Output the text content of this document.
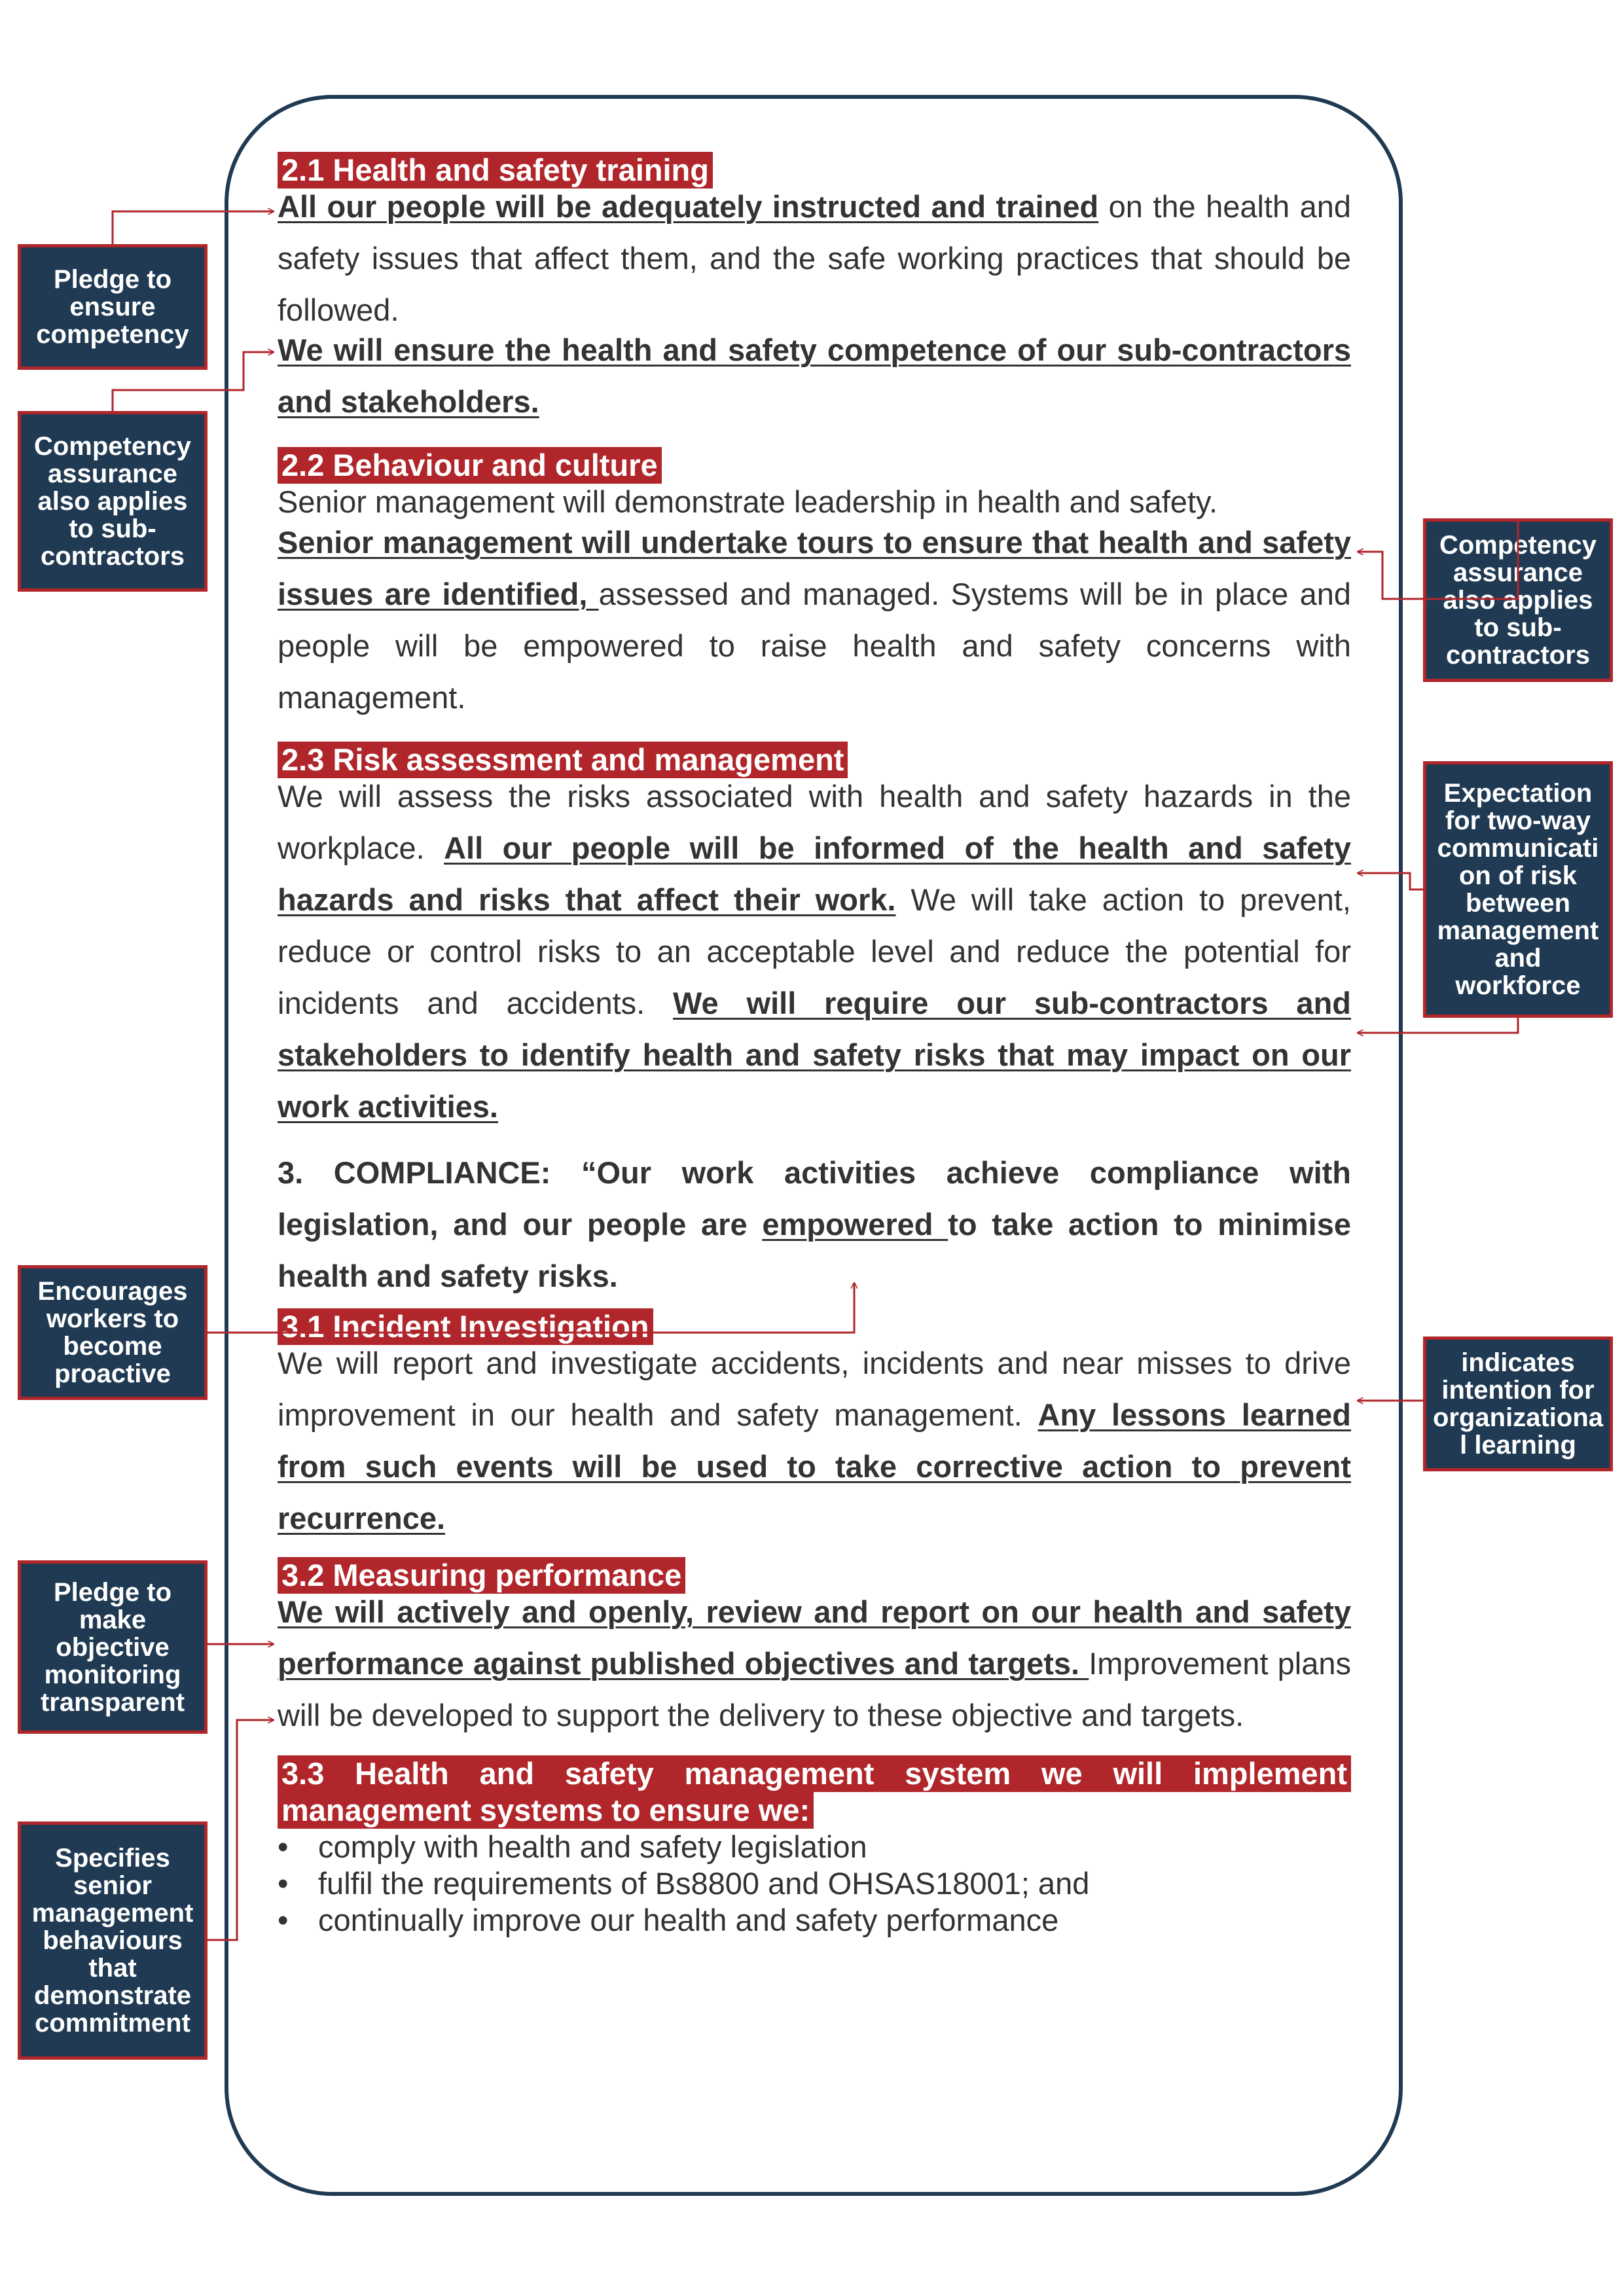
2.1 Health and safety training

All our people will be adequately instructed and trained on the health and safety issues that affect them, and the safe working practices that should be followed.

We will ensure the health and safety competence of our sub-contractors and stakeholders.

2.2 Behaviour and culture

Senior management will demonstrate leadership in health and safety.

Senior management will undertake tours to ensure that health and safety issues are identified, assessed and managed. Systems will be in place and people will be empowered to raise health and safety concerns with management.

2.3 Risk assessment and management

We will assess the risks associated with health and safety hazards in the workplace. All our people will be informed of the health and safety hazards and risks that affect their work. We will take action to prevent, reduce or control risks to an acceptable level and reduce the potential for incidents and accidents. We will require our sub-contractors and stakeholders to identify health and safety risks that may impact on our work activities.

3. COMPLIANCE: “Our work activities achieve compliance with legislation, and our people are empowered to take action to minimise health and safety risks.

3.1 Incident Investigation

We will report and investigate accidents, incidents and near misses to drive improvement in our health and safety management. Any lessons learned from such events will be used to take corrective action to prevent recurrence.

3.2 Measuring performance

We will actively and openly, review and report on our health and safety performance against published objectives and targets. Improvement plans will be developed to support the delivery to these objective and targets.

3.3 Health and safety management system we will implement
management systems to ensure we:
• comply with health and safety legislation
• fulfil the requirements of Bs8800 and OHSAS18001; and
• continually improve our health and safety performance
Pledge to ensure competency
Competency assurance also applies to sub-contractors
Encourages workers to become proactive
Pledge to make objective monitoring transparent
Specifies senior management behaviours that demonstrate commitment
Competency assurance also applies to sub-contractors
Expectation for two-way communicati on of risk between management and workforce
indicates intention for organizationa l learning
